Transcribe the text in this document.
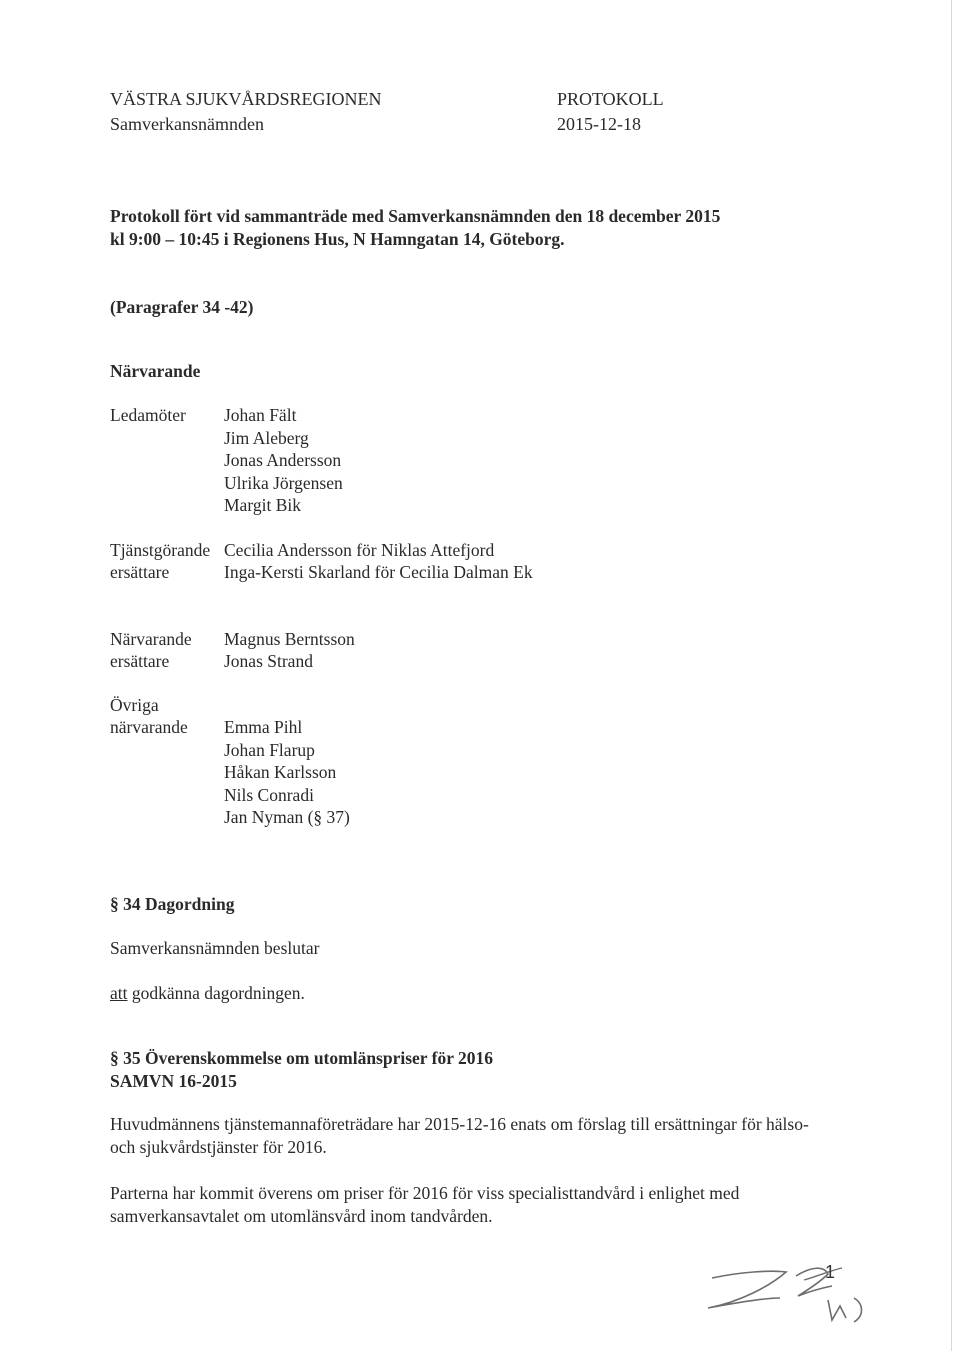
VÄSTRA SJUKVÅRDSREGIONEN
Samverkansnämnden
PROTOKOLL
2015-12-18
Protokoll fört vid sammanträde med Samverkansnämnden den 18 december 2015
kl 9:00 – 10:45 i Regionens Hus, N Hamngatan 14, Göteborg.
(Paragrafer 34 -42)
Närvarande
Ledamöter Johan Fält
Jim Aleberg
Jonas Andersson
Ulrika Jörgensen
Margit Bik
Tjänstgörande
ersättare
Cecilia Andersson för Niklas Attefjord
Inga-Kersti Skarland för Cecilia Dalman Ek
Närvarande
ersättare
Magnus Berntsson
Jonas Strand
Övriga
närvarande Emma Pihl
Johan Flarup
Håkan Karlsson
Nils Conradi
Jan Nyman (§ 37)
§ 34 Dagordning
Samverkansnämnden beslutar
att godkänna dagordningen.
§ 35 Överenskommelse om utomlänspriser för 2016
SAMVN 16-2015
Huvudmännens tjänstemannaföreträdare har 2015-12-16 enats om förslag till ersättningar för hälso- och sjukvårdstjänster för 2016.
Parterna har kommit överens om priser för 2016 för viss specialisttandvård i enlighet med samverkansavtalet om utomlänsvård inom tandvården.
1
